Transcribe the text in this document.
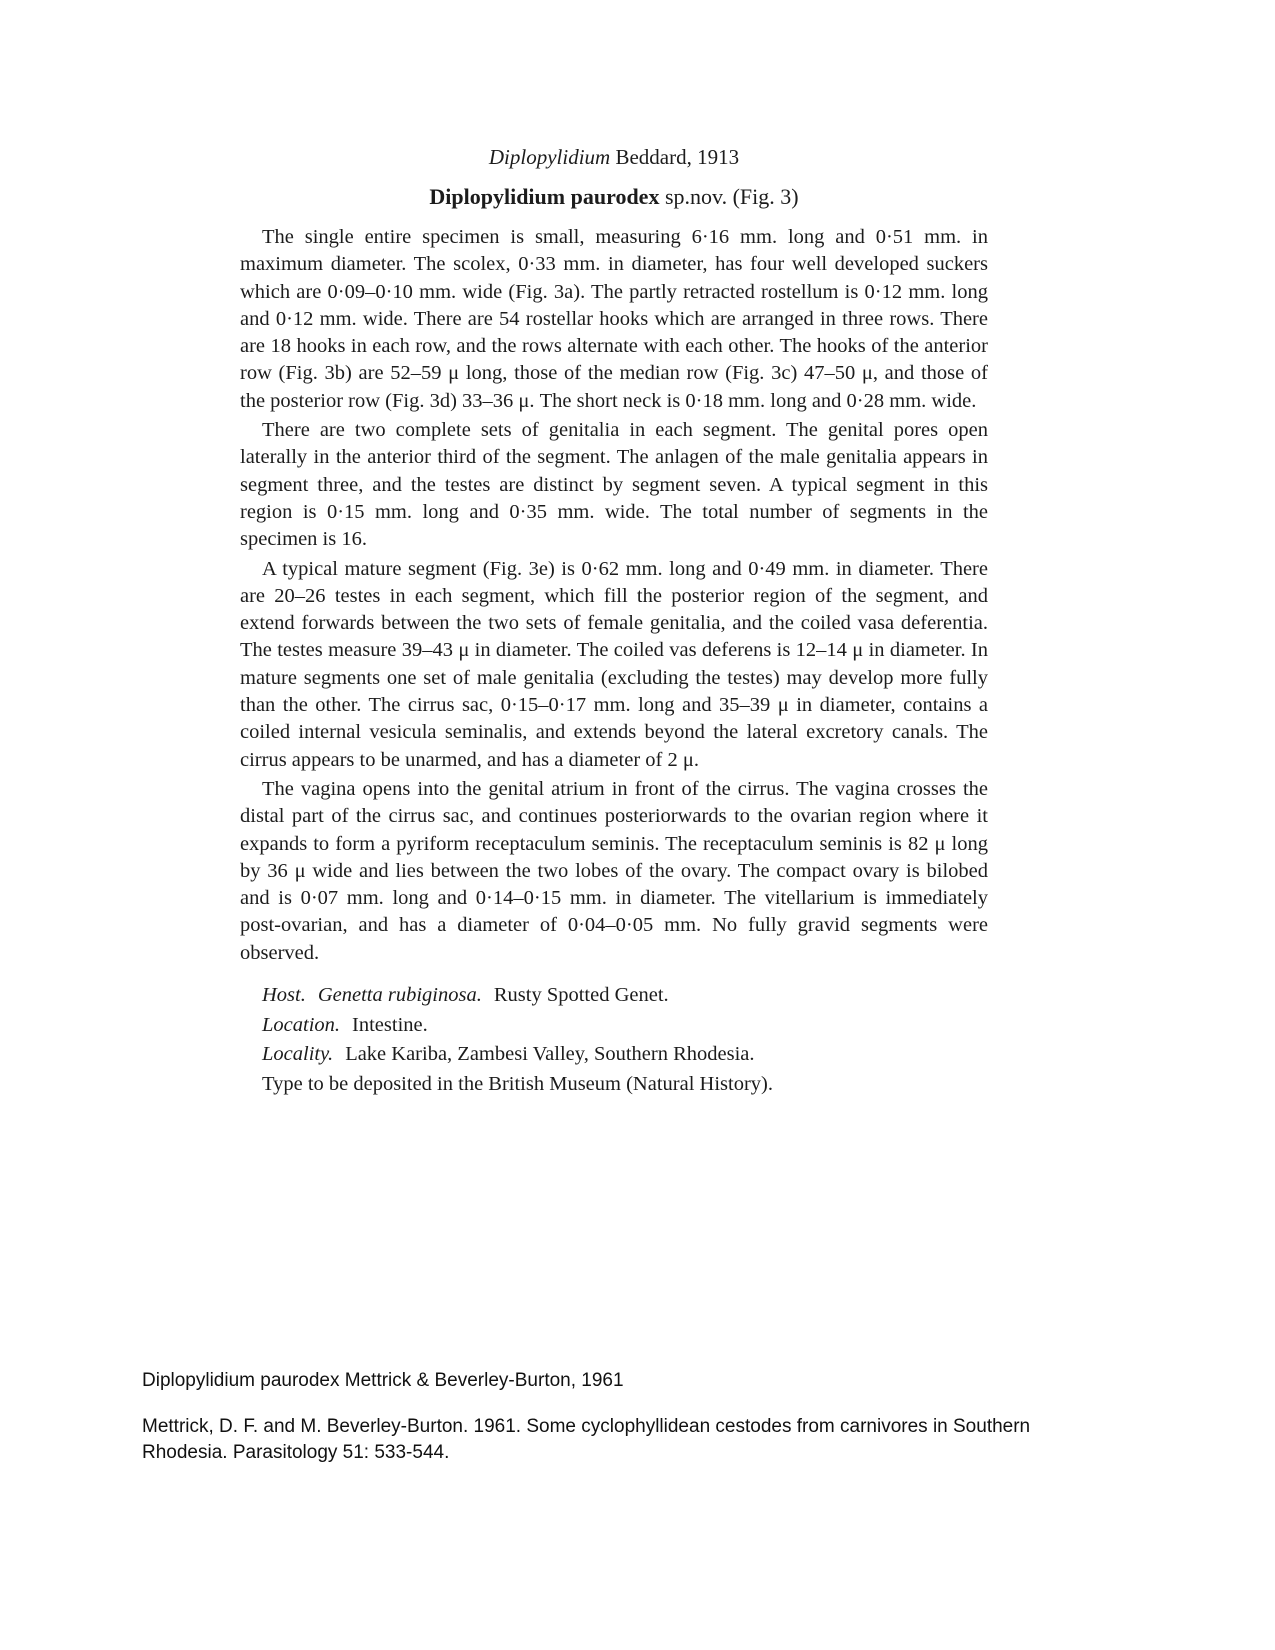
Diplopylidium Beddard, 1913
Diplopylidium paurodex sp.nov. (Fig. 3)

The single entire specimen is small, measuring 6·16 mm. long and 0·51 mm. in maximum diameter. The scolex, 0·33 mm. in diameter, has four well developed suckers which are 0·09–0·10 mm. wide (Fig. 3a). The partly retracted rostellum is 0·12 mm. long and 0·12 mm. wide. There are 54 rostellar hooks which are arranged in three rows. There are 18 hooks in each row, and the rows alternate with each other. The hooks of the anterior row (Fig. 3b) are 52–59 μ long, those of the median row (Fig. 3c) 47–50 μ, and those of the posterior row (Fig. 3d) 33–36 μ. The short neck is 0·18 mm. long and 0·28 mm. wide.

There are two complete sets of genitalia in each segment. The genital pores open laterally in the anterior third of the segment. The anlagen of the male genitalia appears in segment three, and the testes are distinct by segment seven. A typical segment in this region is 0·15 mm. long and 0·35 mm. wide. The total number of segments in the specimen is 16.

A typical mature segment (Fig. 3e) is 0·62 mm. long and 0·49 mm. in diameter. There are 20–26 testes in each segment, which fill the posterior region of the segment, and extend forwards between the two sets of female genitalia, and the coiled vasa deferentia. The testes measure 39–43 μ in diameter. The coiled vas deferens is 12–14 μ in diameter. In mature segments one set of male genitalia (excluding the testes) may develop more fully than the other. The cirrus sac, 0·15–0·17 mm. long and 35–39 μ in diameter, contains a coiled internal vesicula seminalis, and extends beyond the lateral excretory canals. The cirrus appears to be unarmed, and has a diameter of 2 μ.

The vagina opens into the genital atrium in front of the cirrus. The vagina crosses the distal part of the cirrus sac, and continues posteriorwards to the ovarian region where it expands to form a pyriform receptaculum seminis. The receptaculum seminis is 82 μ long by 36 μ wide and lies between the two lobes of the ovary. The compact ovary is bilobed and is 0·07 mm. long and 0·14–0·15 mm. in diameter. The vitellarium is immediately post-ovarian, and has a diameter of 0·04–0·05 mm. No fully gravid segments were observed.

Host. Genetta rubiginosa. Rusty Spotted Genet.
Location. Intestine.
Locality. Lake Kariba, Zambesi Valley, Southern Rhodesia.
Type to be deposited in the British Museum (Natural History).

Diplopylidium paurodex Mettrick & Beverley-Burton, 1961

Mettrick, D. F. and M. Beverley-Burton. 1961. Some cyclophyllidean cestodes from carnivores in Southern Rhodesia. Parasitology 51: 533-544.
